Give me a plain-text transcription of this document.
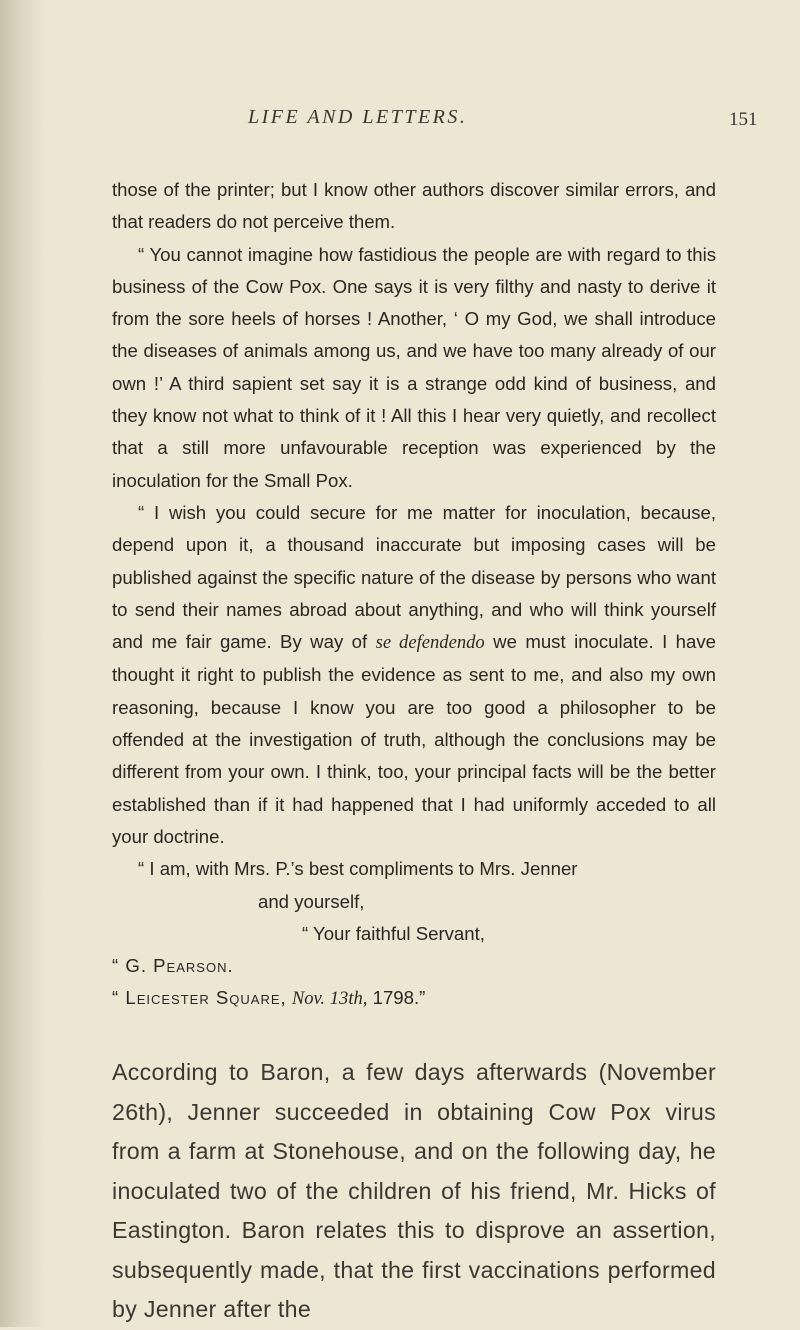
LIFE AND LETTERS.	151

those of the printer; but I know other authors discover similar errors, and that readers do not perceive them.

“ You cannot imagine how fastidious the people are with regard to this business of the Cow Pox. One says it is very filthy and nasty to derive it from the sore heels of horses ! Another, ‘ O my God, we shall introduce the diseases of animals among us, and we have too many already of our own !’ A third sapient set say it is a strange odd kind of business, and they know not what to think of it ! All this I hear very quietly, and recollect that a still more unfavourable reception was experienced by the inoculation for the Small Pox.

“ I wish you could secure for me matter for inoculation, because, depend upon it, a thousand inaccurate but imposing cases will be published against the specific nature of the disease by persons who want to send their names abroad about anything, and who will think yourself and me fair game. By way of se defendendo we must inoculate. I have thought it right to publish the evidence as sent to me, and also my own reasoning, because I know you are too good a philosopher to be offended at the investigation of truth, although the conclusions may be different from your own. I think, too, your principal facts will be the better established than if it had happened that I had uniformly acceded to all your doctrine.

“ I am, with Mrs. P.’s best compliments to Mrs. Jenner

and yourself,

“ Your faithful Servant,

“ G. Pearson.

“ Leicester Square, Nov. 13th, 1798.”

According to Baron, a few days afterwards (November 26th), Jenner succeeded in obtaining Cow Pox virus from a farm at Stonehouse, and on the following day, he inoculated two of the children of his friend, Mr. Hicks of Eastington. Baron relates this to disprove an assertion, subsequently made, that the first vaccinations performed by Jenner after the
